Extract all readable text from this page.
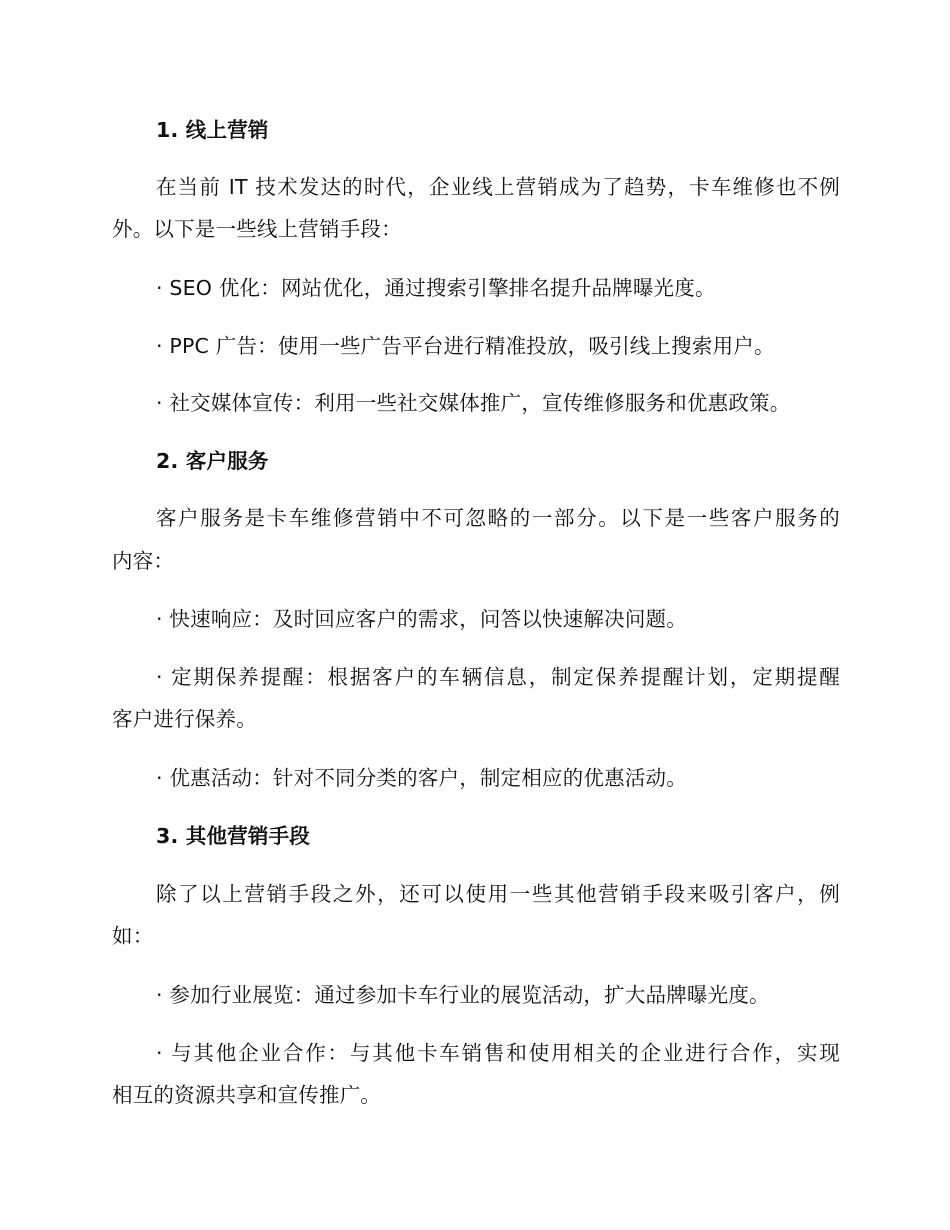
1. 线上营销
在当前 IT 技术发达的时代，企业线上营销成为了趋势，卡车维修也不例
外。以下是一些线上营销手段：
· SEO 优化：网站优化，通过搜索引擎排名提升品牌曝光度。
· PPC 广告：使用一些广告平台进行精准投放，吸引线上搜索用户。
· 社交媒体宣传：利用一些社交媒体推广，宣传维修服务和优惠政策。
2. 客户服务
客户服务是卡车维修营销中不可忽略的一部分。以下是一些客户服务的
内容：
· 快速响应：及时回应客户的需求，问答以快速解决问题。
· 定期保养提醒：根据客户的车辆信息，制定保养提醒计划，定期提醒
客户进行保养。
· 优惠活动：针对不同分类的客户，制定相应的优惠活动。
3. 其他营销手段
除了以上营销手段之外，还可以使用一些其他营销手段来吸引客户，例
如：
· 参加行业展览：通过参加卡车行业的展览活动，扩大品牌曝光度。
· 与其他企业合作：与其他卡车销售和使用相关的企业进行合作，实现
相互的资源共享和宣传推广。
